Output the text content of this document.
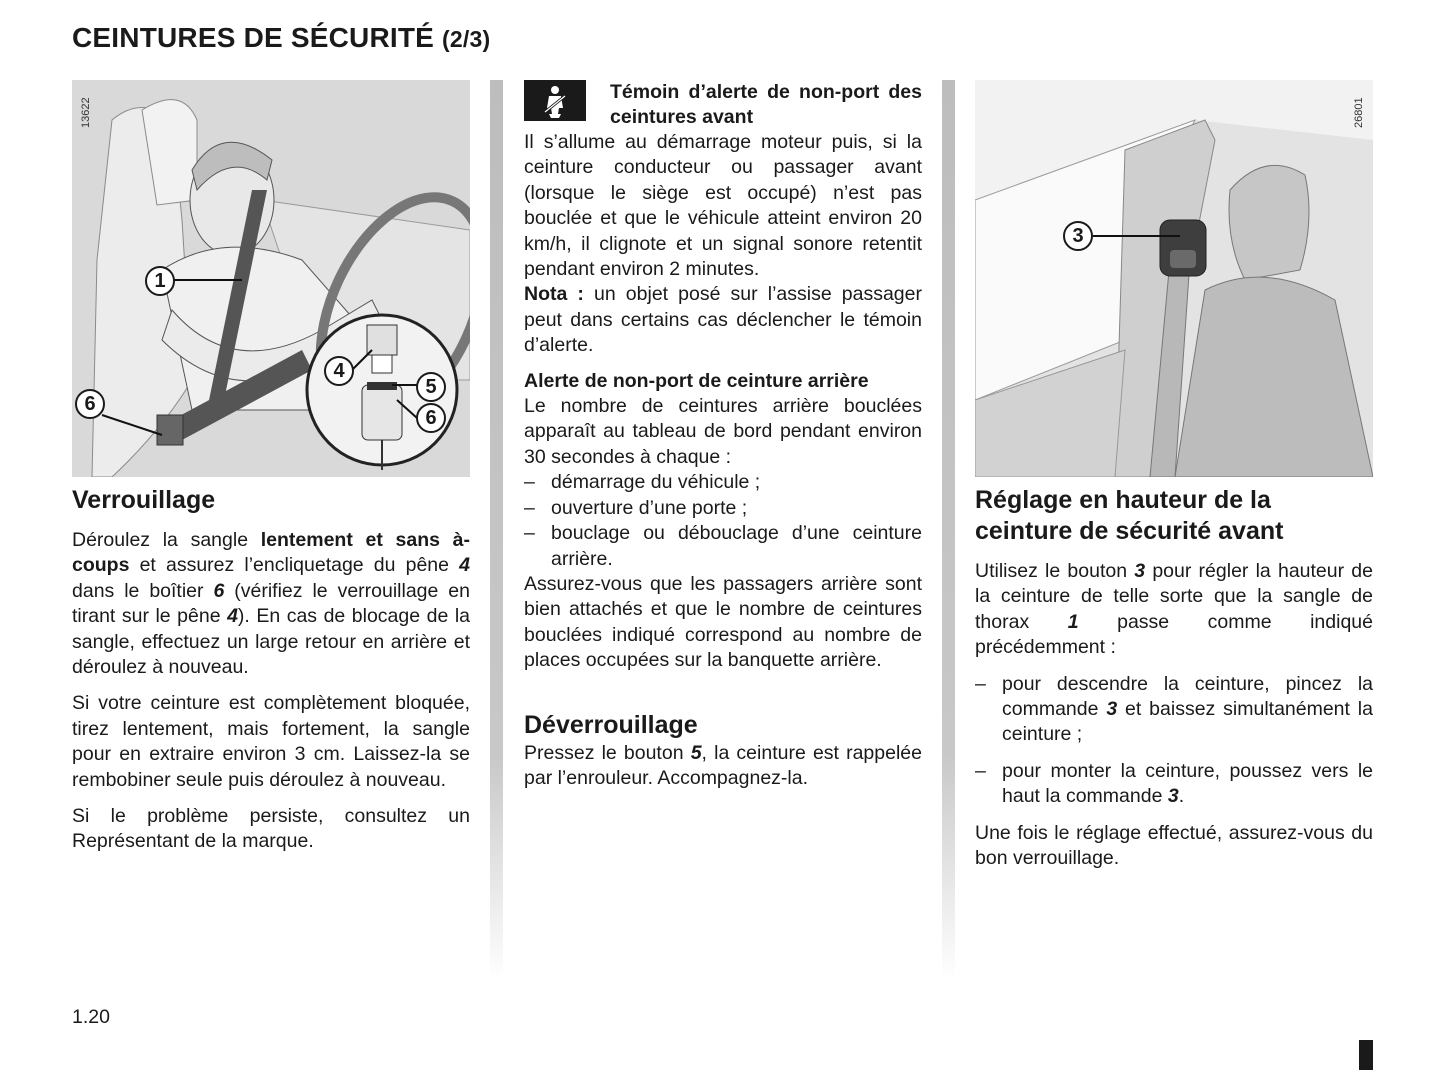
CEINTURES DE SÉCURITÉ (2/3)
13622
1
4
5
6
6
Verrouillage

Déroulez la sangle lentement et sans à-coups et assurez l’encliquetage du pêne 4 dans le boîtier 6 (vérifiez le verrouillage en tirant sur le pêne 4). En cas de blocage de la sangle, effectuez un large retour en arrière et déroulez à nouveau.

Si votre ceinture est complètement bloquée, tirez lentement, mais fortement, la sangle pour en extraire environ 3 cm. Laissez-la se rembobiner seule puis déroulez à nouveau.

Si le problème persiste, consultez un Représentant de la marque.

Témoin d’alerte de non-port des ceintures avant

Il s’allume au démarrage moteur puis, si la ceinture conducteur ou passager avant (lorsque le siège est occupé) n’est pas bouclée et que le véhicule atteint environ 20 km/h, il clignote et un signal sonore retentit pendant environ 2 minutes.

Nota : un objet posé sur l’assise passager peut dans certains cas déclencher le témoin d’alerte.

Alerte de non-port de ceinture arrière

Le nombre de ceintures arrière bouclées apparaît au tableau de bord pendant environ 30 secondes à chaque :

– démarrage du véhicule ;
– ouverture d’une porte ;
– bouclage ou débouclage d’une ceinture arrière.

Assurez-vous que les passagers arrière sont bien attachés et que le nombre de ceintures bouclées indiqué correspond au nombre de places occupées sur la banquette arrière.

Déverrouillage

Pressez le bouton 5, la ceinture est rappelée par l’enrouleur. Accompagnez-la.

26801
3
Réglage en hauteur de la ceinture de sécurité avant

Utilisez le bouton 3 pour régler la hauteur de la ceinture de telle sorte que la sangle de thorax 1 passe comme indiqué précédemment :

– pour descendre la ceinture, pincez la commande 3 et baissez simultanément la ceinture ;
– pour monter la ceinture, poussez vers le haut la commande 3.

Une fois le réglage effectué, assurez-vous du bon verrouillage.

1.20
